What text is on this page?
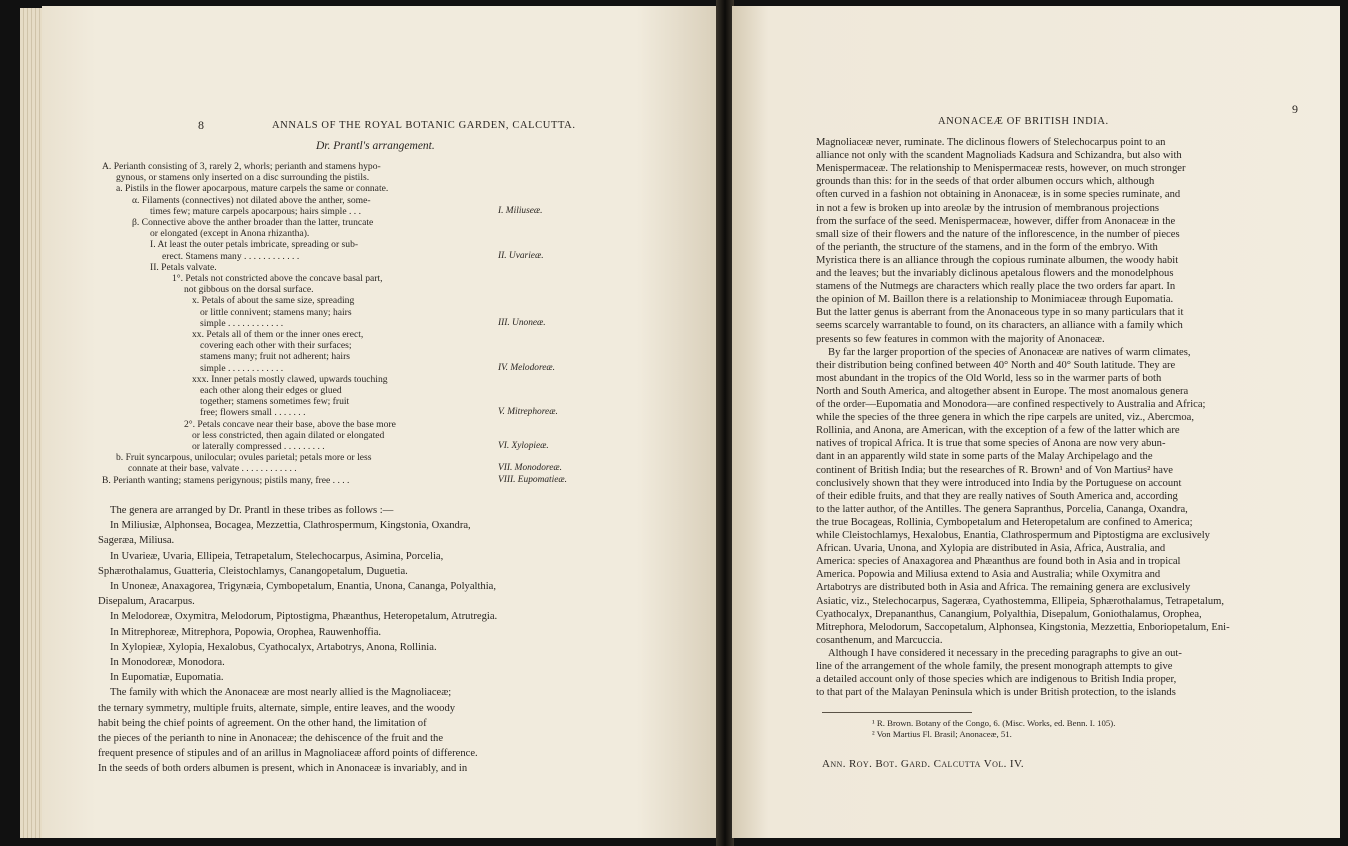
8	ANNALS OF THE ROYAL BOTANIC GARDEN, CALCUTTA.
Dr. Prantl's arrangement.
A. Perianth consisting of 3, rarely 2, whorls; perianth and stamens hypo-
gynous, or stamens only inserted on a disc surrounding the pistils.
a. Pistils in the flower apocarpous, mature carpels the same or connate.
α. Filaments (connectives) not dilated above the anther, some-
times few; mature carpels apocarpous; hairs simple . . .	I. Miliuseæ.
β. Connective above the anther broader than the latter, truncate
or elongated (except in Anona rhizantha).
I. At least the outer petals imbricate, spreading or sub-
erect. Stamens many . . . . . . . . . . . .	II. Uvarieæ.
II. Petals valvate.
1°. Petals not constricted above the concave basal part,
not gibbous on the dorsal surface.
x. Petals of about the same size, spreading
or little connivent; stamens many; hairs
simple . . . . . . . . . . . .	III. Unoneæ.
xx. Petals all of them or the inner ones erect,
covering each other with their surfaces;
stamens many; fruit not adherent; hairs
simple . . . . . . . . . . . .	IV. Melodoreæ.
xxx. Inner petals mostly clawed, upwards touching
each other along their edges or glued
together; stamens sometimes few; fruit
free; flowers small . . . . . . .	V. Mitrephoreæ.
2°. Petals concave near their base, above the base more
or less constricted, then again dilated or elongated
or laterally compressed . . . . . . . . .	VI. Xylopieæ.
b. Fruit syncarpous, unilocular; ovules parietal; petals more or less
connate at their base, valvate . . . . . . . . . . . .	VII. Monodoreæ.
B. Perianth wanting; stamens perigynous; pistils many, free . . . .	VIII. Eupomatieæ.
The genera are arranged by Dr. Prantl in these tribes as follows :—
In Miliusiæ, Alphonsea, Bocagea, Mezzettia, Clathrospermum, Kingstonia, Oxandra,
Sageræa, Miliusa.
In Uvarieæ, Uvaria, Ellipeia, Tetrapetalum, Stelechocarpus, Asimina, Porcelia,
Sphærothalamus, Guatteria, Cleistochlamys, Canangopetalum, Duguetia.
In Unoneæ, Anaxagorea, Trigynæia, Cymbopetalum, Enantia, Unona, Cananga, Polyalthia,
Disepalum, Aracarpus.
In Melodoreæ, Oxymitra, Melodorum, Piptostigma, Phæanthus, Heteropetalum, Atrutregia.
In Mitrephoreæ, Mitrephora, Popowia, Orophea, Rauwenhoffia.
In Xylopieæ, Xylopia, Hexalobus, Cyathocalyx, Artabotrys, Anona, Rollinia.
In Monodoreæ, Monodora.
In Eupomatiæ, Eupomatia.
The family with which the Anonaceæ are most nearly allied is the Magnoliaceæ;
the ternary symmetry, multiple fruits, alternate, simple, entire leaves, and the woody
habit being the chief points of agreement. On the other hand, the limitation of
the pieces of the perianth to nine in Anonaceæ; the dehiscence of the fruit and the
frequent presence of stipules and of an arillus in Magnoliaceæ afford points of difference.
In the seeds of both orders albumen is present, which in Anonaceæ is invariably, and in
9
ANONACEÆ OF BRITISH INDIA.
Magnoliaceæ never, ruminate. The diclinous flowers of Stelechocarpus point to an
alliance not only with the scandent Magnoliads Kadsura and Schizandra, but also with
Menispermaceæ. The relationship to Menispermaceæ rests, however, on much stronger
grounds than this: for in the seeds of that order albumen occurs which, although
often curved in a fashion not obtaining in Anonaceæ, is in some species ruminate, and
in not a few is broken up into areolæ by the intrusion of membranous projections
from the surface of the seed. Menispermaceæ, however, differ from Anonaceæ in the
small size of their flowers and the nature of the inflorescence, in the number of pieces
of the perianth, the structure of the stamens, and in the form of the embryo. With
Myristica there is an alliance through the copious ruminate albumen, the woody habit
and the leaves; but the invariably diclinous apetalous flowers and the monodelphous
stamens of the Nutmegs are characters which really place the two orders far apart. In
the opinion of M. Baillon there is a relationship to Monimiaceæ through Eupomatia.
But the latter genus is aberrant from the Anonaceous type in so many particulars that it
seems scarcely warrantable to found, on its characters, an alliance with a family which
presents so few features in common with the majority of Anonaceæ.
By far the larger proportion of the species of Anonaceæ are natives of warm climates,
their distribution being confined between 40° North and 40° South latitude. They are
most abundant in the tropics of the Old World, less so in the warmer parts of both
North and South America, and altogether absent in Europe. The most anomalous genera
of the order—Eupomatia and Monodora—are confined respectively to Australia and Africa;
while the species of the three genera in which the ripe carpels are united, viz., Abercmoa,
Rollinia, and Anona, are American, with the exception of a few of the latter which are
natives of tropical Africa. It is true that some species of Anona are now very abun-
dant in an apparently wild state in some parts of the Malay Archipelago and the
continent of British India; but the researches of R. Brown¹ and of Von Martius² have
conclusively shown that they were introduced into India by the Portuguese on account
of their edible fruits, and that they are really natives of South America and, according
to the latter author, of the Antilles. The genera Sapranthus, Porcelia, Cananga, Oxandra,
the true Bocageas, Rollinia, Cymbopetalum and Heteropetalum are confined to America;
while Cleistochlamys, Hexalobus, Enantia, Clathrospermum and Piptostigma are exclusively
African. Uvaria, Unona, and Xylopia are distributed in Asia, Africa, Australia, and
America: species of Anaxagorea and Phæanthus are found both in Asia and in tropical
America. Popowia and Miliusa extend to Asia and Australia; while Oxymitra and
Artabotrys are distributed both in Asia and Africa. The remaining genera are exclusively
Asiatic, viz., Stelechocarpus, Sageræa, Cyathostemma, Ellipeia, Sphærothalamus, Tetrapetalum,
Cyathocalyx, Drepananthus, Canangium, Polyalthia, Disepalum, Goniothalamus, Orophea,
Mitrephora, Melodorum, Saccopetalum, Alphonsea, Kingstonia, Mezzettia, Enboriopetalum, Eni-
cosanthenum, and Marcuccia.
Although I have considered it necessary in the preceding paragraphs to give an out-
line of the arrangement of the whole family, the present monograph attempts to give
a detailed account only of those species which are indigenous to British India proper,
to that part of the Malayan Peninsula which is under British protection, to the islands
¹ R. Brown. Botany of the Congo, 6. (Misc. Works, ed. Benn. I. 105).
² Von Martius Fl. Brasil; Anonaceæ, 51.
Ann. Roy. Bot. Gard. Calcutta Vol. IV.
